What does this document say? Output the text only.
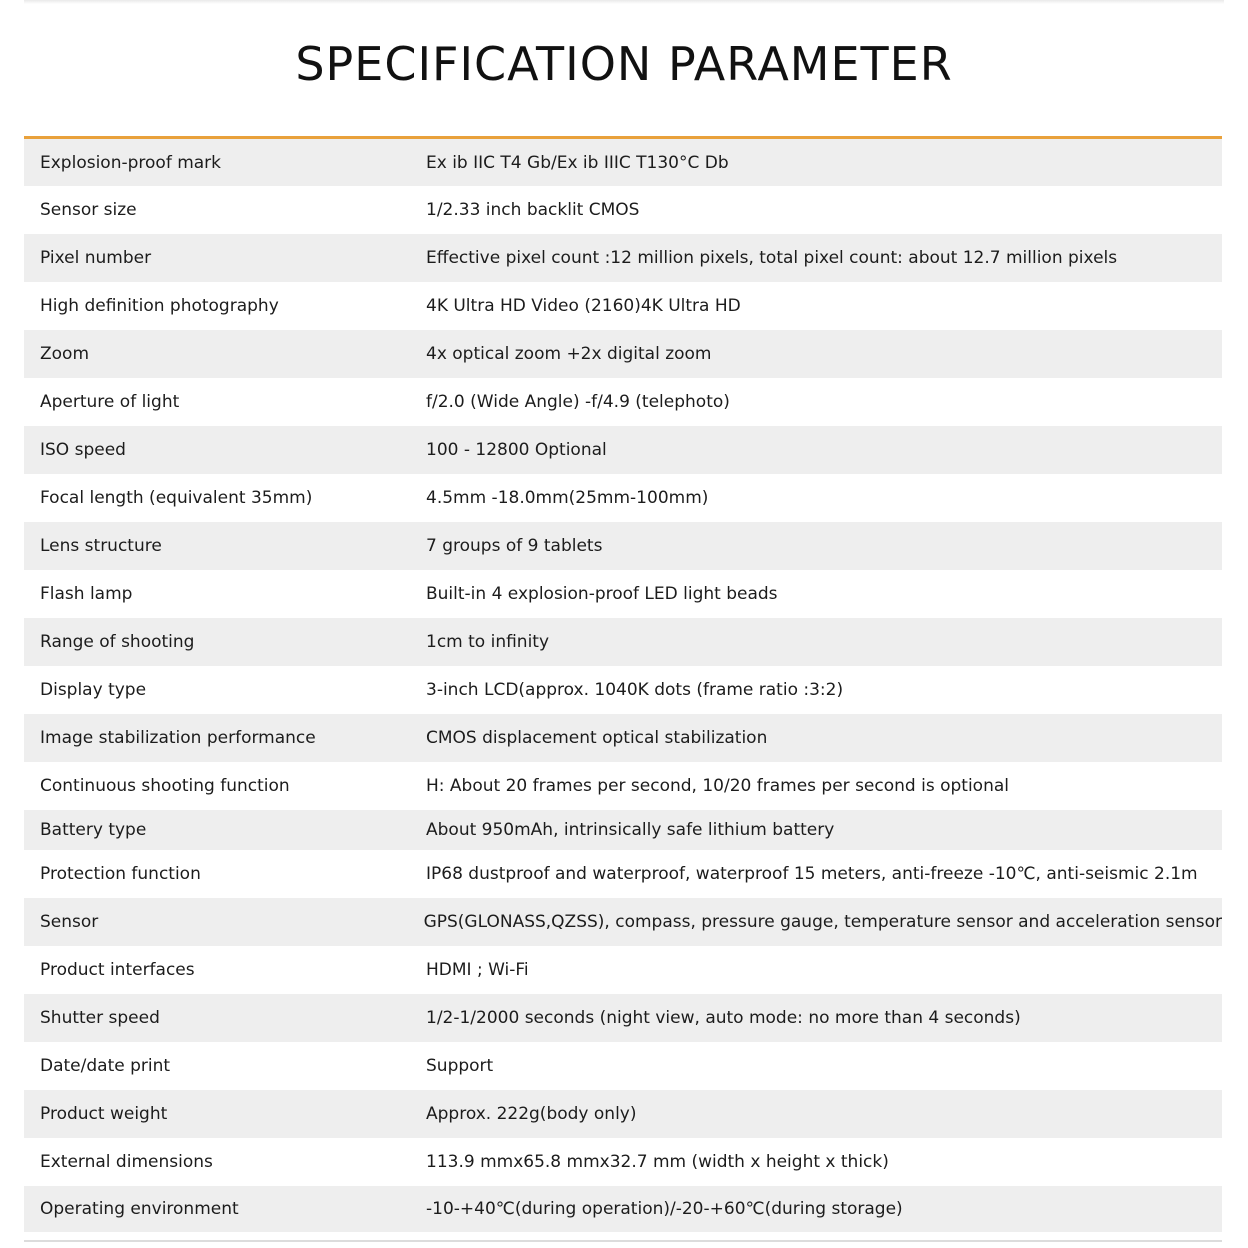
SPECIFICATION PARAMETER
Explosion-proof mark	Ex ib IIC T4 Gb/Ex ib IIIC T130°C Db
Sensor size	1/2.33 inch backlit CMOS
Pixel number	Effective pixel count :12 million pixels, total pixel count: about 12.7 million pixels
High definition photography	4K Ultra HD Video (2160)4K Ultra HD
Zoom	4x optical zoom +2x digital zoom
Aperture of light	f/2.0 (Wide Angle) -f/4.9 (telephoto)
ISO speed	100 - 12800 Optional
Focal length (equivalent 35mm)	4.5mm -18.0mm(25mm-100mm)
Lens structure	7 groups of 9 tablets
Flash lamp	Built-in 4 explosion-proof LED light beads
Range of shooting	1cm to infinity
Display type	3-inch LCD(approx. 1040K dots (frame ratio :3:2)
Image stabilization performance	CMOS displacement optical stabilization
Continuous shooting function	H: About 20 frames per second, 10/20 frames per second is optional
Battery type	About 950mAh, intrinsically safe lithium battery
Protection function	IP68 dustproof and waterproof, waterproof 15 meters, anti-freeze -10℃, anti-seismic 2.1m
Sensor	GPS(GLONASS,QZSS), compass, pressure gauge, temperature sensor and acceleration sensor
Product interfaces	HDMI ; Wi-Fi
Shutter speed	1/2-1/2000 seconds (night view, auto mode: no more than 4 seconds)
Date/date print	Support
Product weight	Approx. 222g(body only)
External dimensions	113.9 mmx65.8 mmx32.7 mm (width x height x thick)
Operating environment	-10-+40℃(during operation)/-20-+60℃(during storage)
